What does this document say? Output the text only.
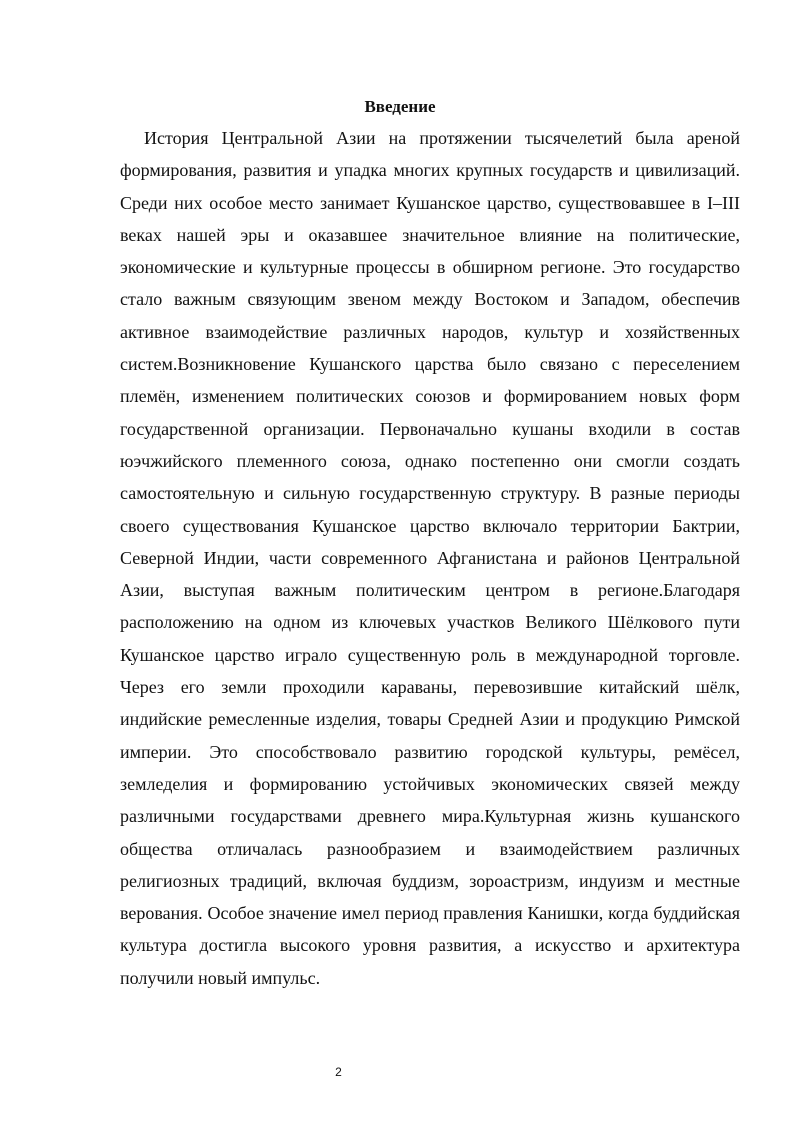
Введение

История Центральной Азии на протяжении тысячелетий была ареной формирования, развития и упадка многих крупных государств и цивилизаций. Среди них особое место занимает Кушанское царство, существовавшее в I–III веках нашей эры и оказавшее значительное влияние на политические, экономические и культурные процессы в обширном регионе. Это государство стало важным связующим звеном между Востоком и Западом, обеспечив активное взаимодействие различных народов, культур и хозяйственных систем.Возникновение Кушанского царства было связано с переселением племён, изменением политических союзов и формированием новых форм государственной организации. Первоначально кушаны входили в состав юэчжийского племенного союза, однако постепенно они смогли создать самостоятельную и сильную государственную структуру. В разные периоды своего существования Кушанское царство включало территории Бактрии, Северной Индии, части современного Афганистана и районов Центральной Азии, выступая важным политическим центром в регионе.Благодаря расположению на одном из ключевых участков Великого Шёлкового пути Кушанское царство играло существенную роль в международной торговле. Через его земли проходили караваны, перевозившие китайский шёлк, индийские ремесленные изделия, товары Средней Азии и продукцию Римской империи. Это способствовало развитию городской культуры, ремёсел, земледелия и формированию устойчивых экономических связей между различными государствами древнего мира.Культурная жизнь кушанского общества отличалась разнообразием и взаимодействием различных религиозных традиций, включая буддизм, зороастризм, индуизм и местные верования. Особое значение имел период правления Канишки, когда буддийская культура достигла высокого уровня развития, а искусство и архитектура получили новый импульс.

2
